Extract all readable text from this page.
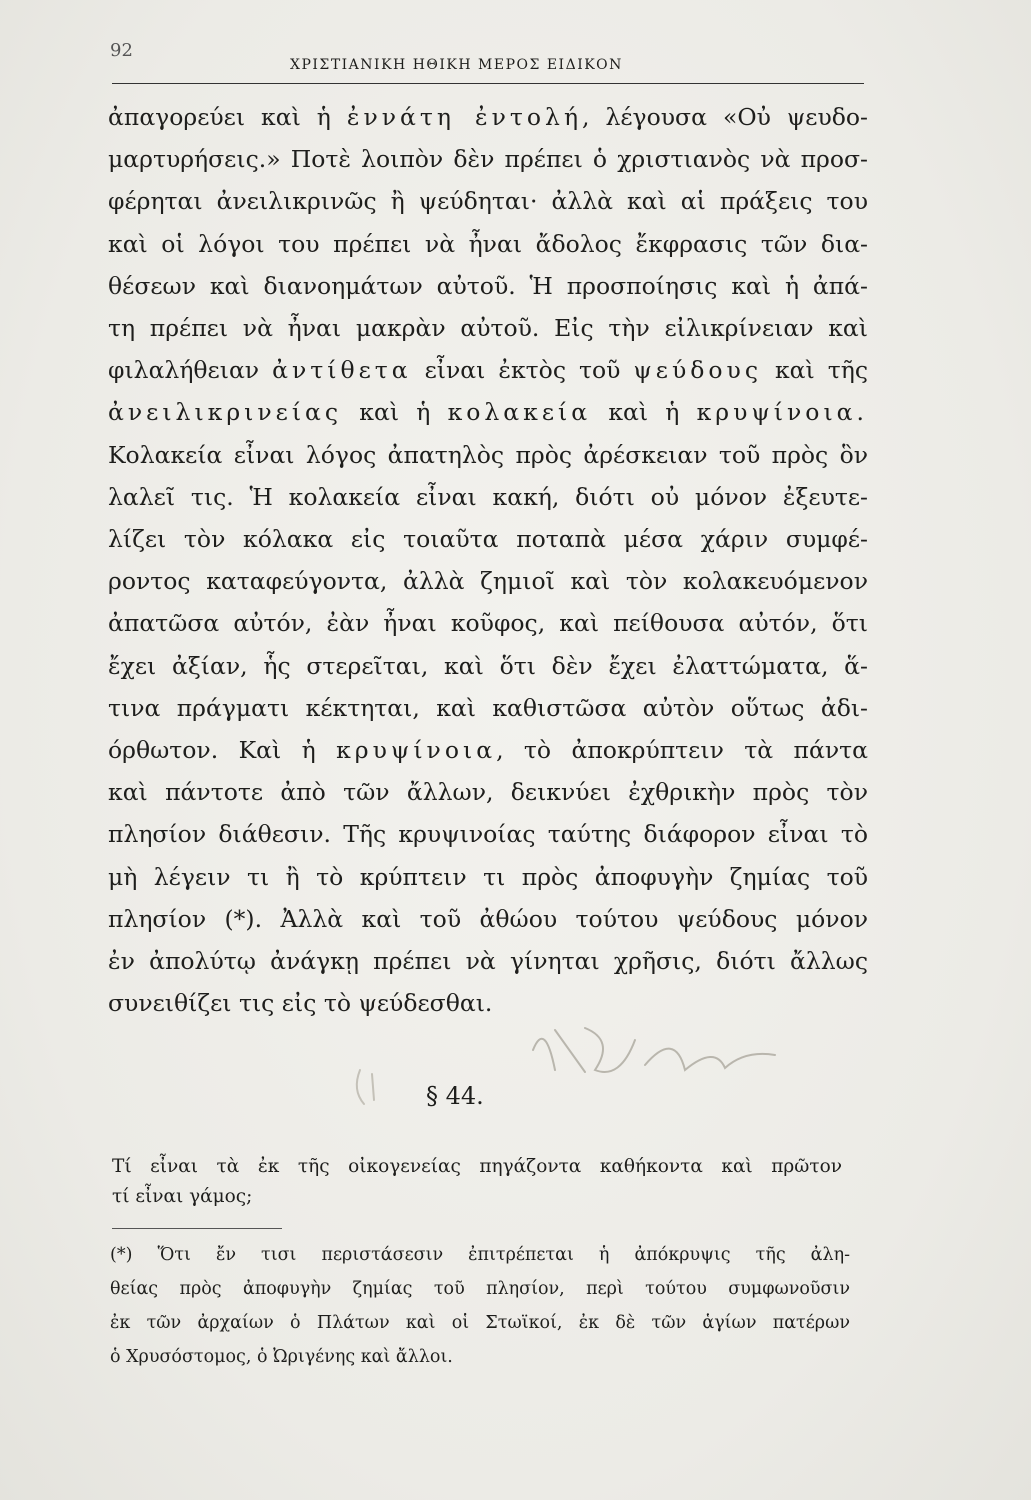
92
ΧΡΙΣΤΙΑΝΙΚΗ ΗΘΙΚΗ ΜΕΡΟΣ ΕΙΔΙΚΟΝ
ἀπαγορεύει καὶ ἡ ἐννάτη ἐντολή, λέγουσα «Οὐ ψευδο-
μαρτυρήσεις.» Ποτὲ λοιπὸν δὲν πρέπει ὁ χριστιανὸς νὰ προσ-
φέρηται ἀνειλικρινῶς ἢ ψεύδηται· ἀλλὰ καὶ αἱ πράξεις του
καὶ οἱ λόγοι του πρέπει νὰ ἦναι ἄδολος ἔκφρασις τῶν δια-
θέσεων καὶ διανοημάτων αὐτοῦ. Ἡ προσποίησις καὶ ἡ ἀπά-
τη πρέπει νὰ ἦναι μακρὰν αὐτοῦ. Εἰς τὴν εἰλικρίνειαν καὶ
φιλαλήθειαν ἀντίθετα εἶναι ἐκτὸς τοῦ ψεύδους καὶ τῆς
ἀνειλικρινείας καὶ ἡ κολακεία καὶ ἡ κρυψίνοια.
Κολακεία εἶναι λόγος ἀπατηλὸς πρὸς ἀρέσκειαν τοῦ πρὸς ὃν
λαλεῖ τις. Ἡ κολακεία εἶναι κακή, διότι οὐ μόνον ἐξευτε-
λίζει τὸν κόλακα εἰς τοιαῦτα ποταπὰ μέσα χάριν συμφέ-
ροντος καταφεύγοντα, ἀλλὰ ζημιοῖ καὶ τὸν κολακευόμενον
ἀπατῶσα αὐτόν, ἐὰν ἦναι κοῦφος, καὶ πείθουσα αὐτόν, ὅτι
ἔχει ἀξίαν, ἧς στερεῖται, καὶ ὅτι δὲν ἔχει ἐλαττώματα, ἅ-
τινα πράγματι κέκτηται, καὶ καθιστῶσα αὐτὸν οὕτως ἀδι-
όρθωτον. Καὶ ἡ κρυψίνοια, τὸ ἀποκρύπτειν τὰ πάντα
καὶ πάντοτε ἀπὸ τῶν ἄλλων, δεικνύει ἐχθρικὴν πρὸς τὸν
πλησίον διάθεσιν. Τῆς κρυψινοίας ταύτης διάφορον εἶναι τὸ
μὴ λέγειν τι ἢ τὸ κρύπτειν τι πρὸς ἀποφυγὴν ζημίας τοῦ
πλησίον (*). Ἀλλὰ καὶ τοῦ ἀθώου τούτου ψεύδους μόνον
ἐν ἀπολύτῳ ἀνάγκῃ πρέπει νὰ γίνηται χρῆσις, διότι ἄλλως
συνειθίζει τις εἰς τὸ ψεύδεσθαι.
§ 44.
Τί εἶναι τὰ ἐκ τῆς οἰκογενείας πηγάζοντα καθήκοντα καὶ πρῶτον
τί εἶναι γάμος;
(*) Ὅτι ἔν τισι περιστάσεσιν ἐπιτρέπεται ἡ ἀπόκρυψις τῆς ἀλη-
θείας πρὸς ἀποφυγὴν ζημίας τοῦ πλησίον, περὶ τούτου συμφωνοῦσιν
ἐκ τῶν ἀρχαίων ὁ Πλάτων καὶ οἱ Στωϊκοί, ἐκ δὲ τῶν ἁγίων πατέρων
ὁ Χρυσόστομος, ὁ Ὠριγένης καὶ ἄλλοι.
